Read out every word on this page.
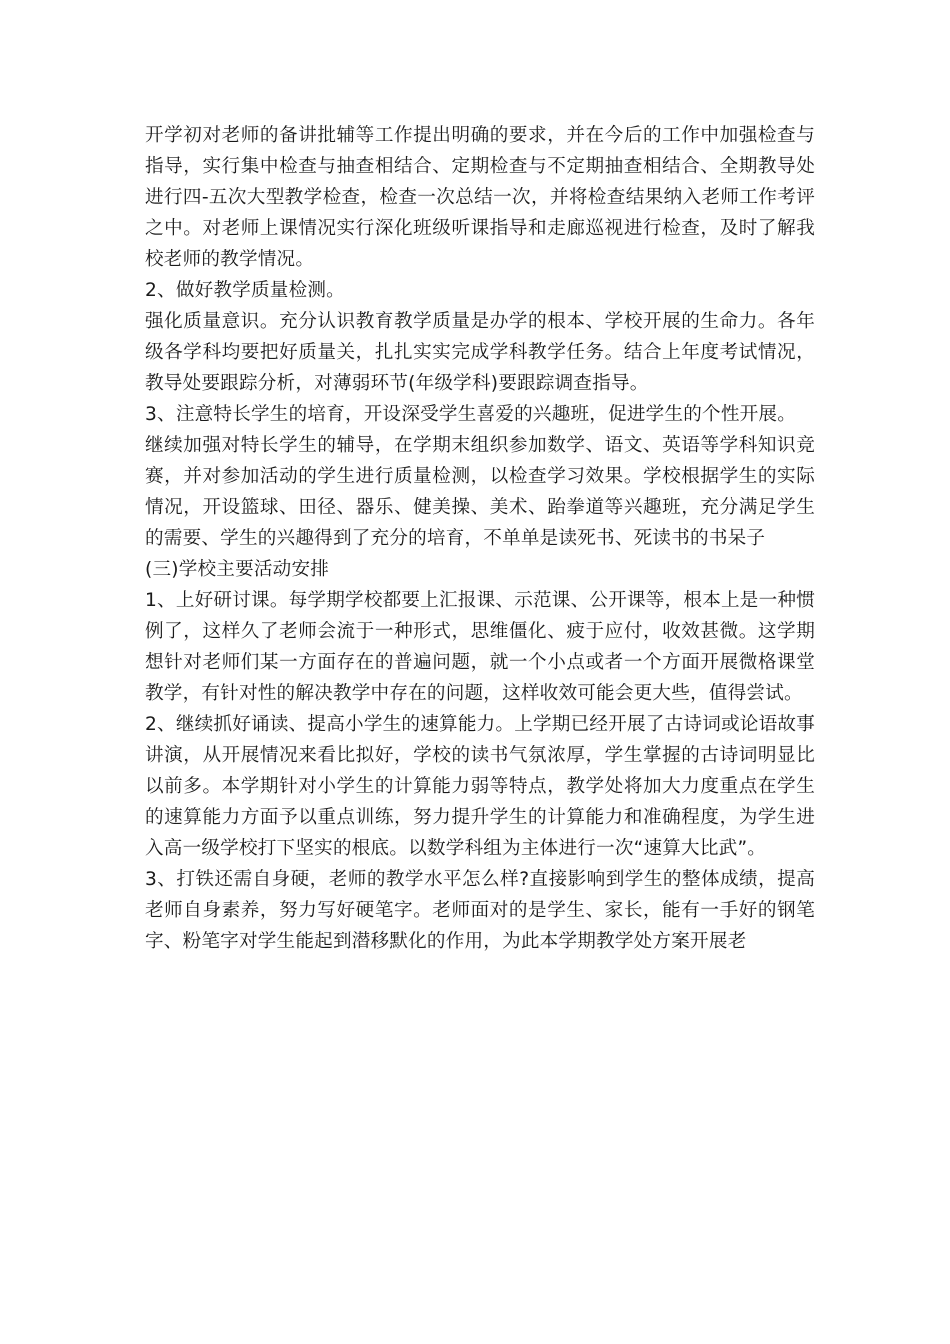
开学初对老师的备讲批辅等工作提出明确的要求，并在今后的工作中加强检查与指导，实行集中检查与抽查相结合、定期检查与不定期抽查相结合、全期教导处进行四-五次大型教学检查，检查一次总结一次，并将检查结果纳入老师工作考评之中。对老师上课情况实行深化班级听课指导和走廊巡视进行检查，及时了解我校老师的教学情况。

2、做好教学质量检测。

强化质量意识。充分认识教育教学质量是办学的根本、学校开展的生命力。各年级各学科均要把好质量关，扎扎实实完成学科教学任务。结合上年度考试情况，教导处要跟踪分析，对薄弱环节(年级学科)要跟踪调查指导。

3、注意特长学生的培育，开设深受学生喜爱的兴趣班，促进学生的个性开展。

继续加强对特长学生的辅导，在学期末组织参加数学、语文、英语等学科知识竞赛，并对参加活动的学生进行质量检测，以检查学习效果。学校根据学生的实际情况，开设篮球、田径、器乐、健美操、美术、跆拳道等兴趣班，充分满足学生的需要、学生的兴趣得到了充分的培育，不单单是读死书、死读书的书呆子

(三)学校主要活动安排

1、上好研讨课。每学期学校都要上汇报课、示范课、公开课等，根本上是一种惯例了，这样久了老师会流于一种形式，思维僵化、疲于应付，收效甚微。这学期想针对老师们某一方面存在的普遍问题，就一个小点或者一个方面开展微格课堂教学，有针对性的解决教学中存在的问题，这样收效可能会更大些，值得尝试。

2、继续抓好诵读、提高小学生的速算能力。上学期已经开展了古诗词或论语故事讲演，从开展情况来看比拟好，学校的读书气氛浓厚，学生掌握的古诗词明显比以前多。本学期针对小学生的计算能力弱等特点，教学处将加大力度重点在学生的速算能力方面予以重点训练，努力提升学生的计算能力和准确程度，为学生进入高一级学校打下坚实的根底。以数学科组为主体进行一次“速算大比武”。

3、打铁还需自身硬，老师的教学水平怎么样?直接影响到学生的整体成绩，提高老师自身素养，努力写好硬笔字。老师面对的是学生、家长，能有一手好的钢笔字、粉笔字对学生能起到潜移默化的作用，为此本学期教学处方案开展老
